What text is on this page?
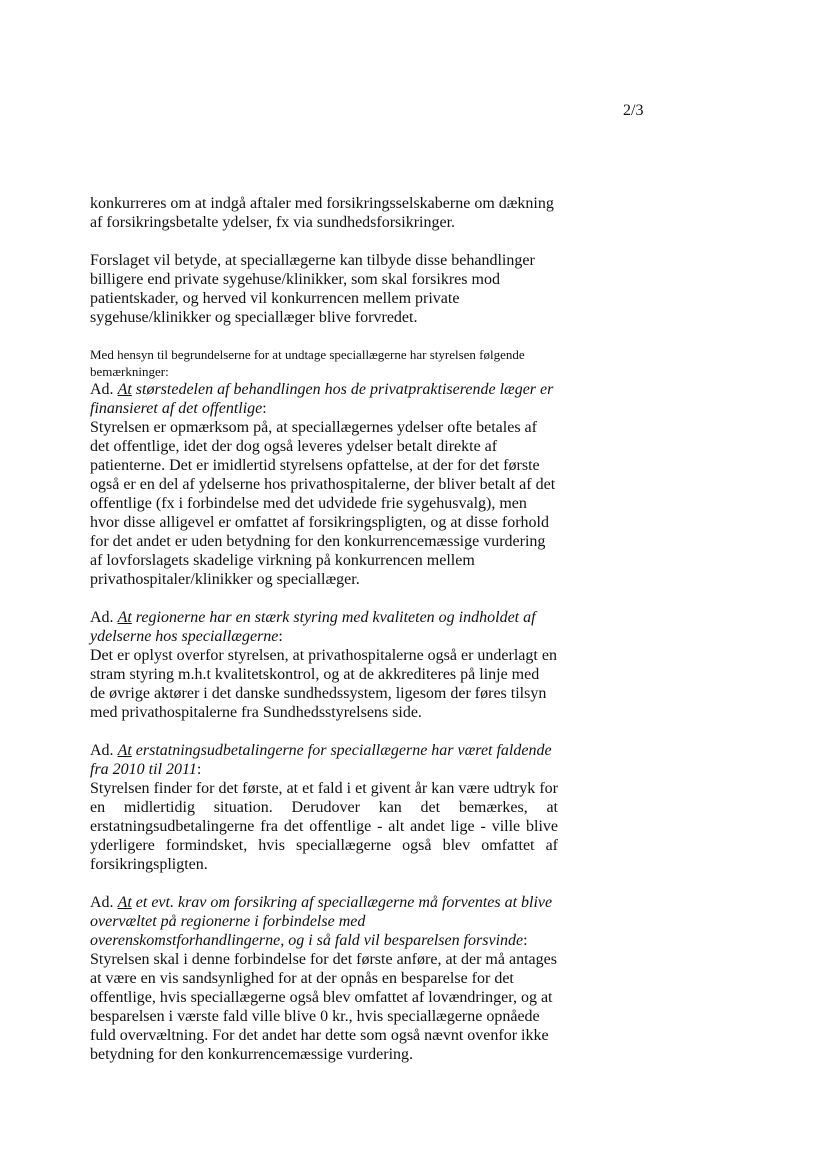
2/3

konkurreres om at indgå aftaler med forsikringsselskaberne om dækning af forsikringsbetalte ydelser, fx via sundhedsforsikringer.

Forslaget vil betyde, at speciallægerne kan tilbyde disse behandlinger billigere end private sygehuse/klinikker, som skal forsikres mod patientskader, og herved vil konkurrencen mellem private sygehuse/klinikker og speciallæger blive forvredet.

Med hensyn til begrundelserne for at undtage speciallægerne har styrelsen følgende bemærkninger:

Ad. At størstedelen af behandlingen hos de privatpraktiserende læger er finansieret af det offentlige:

Styrelsen er opmærksom på, at speciallægernes ydelser ofte betales af det offentlige, idet der dog også leveres ydelser betalt direkte af patienterne. Det er imidlertid styrelsens opfattelse, at der for det første også er en del af ydelserne hos privathospitalerne, der bliver betalt af det offentlige (fx i forbindelse med det udvidede frie sygehusvalg), men hvor disse alligevel er omfattet af forsikringspligten, og at disse forhold for det andet er uden betydning for den konkurrencemæssige vurdering af lovforslagets skadelige virkning på konkurrencen mellem privathospitaler/klinikker og speciallæger.

Ad. At regionerne har en stærk styring med kvaliteten og indholdet af ydelserne hos speciallægerne:

Det er oplyst overfor styrelsen, at privathospitalerne også er underlagt en stram styring m.h.t kvalitetskontrol, og at de akkrediteres på linje med de øvrige aktører i det danske sundhedssystem, ligesom der føres tilsyn med privathospitalerne fra Sundhedsstyrelsens side.

Ad. At erstatningsudbetalingerne for speciallægerne har været faldende fra 2010 til 2011:

Styrelsen finder for det første, at et fald i et givent år kan være udtryk for en midlertidig situation. Derudover kan det bemærkes, at erstatningsudbetalingerne fra det offentlige - alt andet lige - ville blive yderligere formindsket, hvis speciallægerne også blev omfattet af forsikringspligten.

Ad. At et evt. krav om forsikring af speciallægerne må forventes at blive overvæltet på regionerne i forbindelse med overenskomstforhandlingerne, og i så fald vil besparelsen forsvinde:

Styrelsen skal i denne forbindelse for det første anføre, at der må antages at være en vis sandsynlighed for at der opnås en besparelse for det offentlige, hvis speciallægerne også blev omfattet af lovændringer, og at besparelsen i værste fald ville blive 0 kr., hvis speciallægerne opnåede fuld overvæltning. For det andet har dette som også nævnt ovenfor ikke betydning for den konkurrencemæssige vurdering.
